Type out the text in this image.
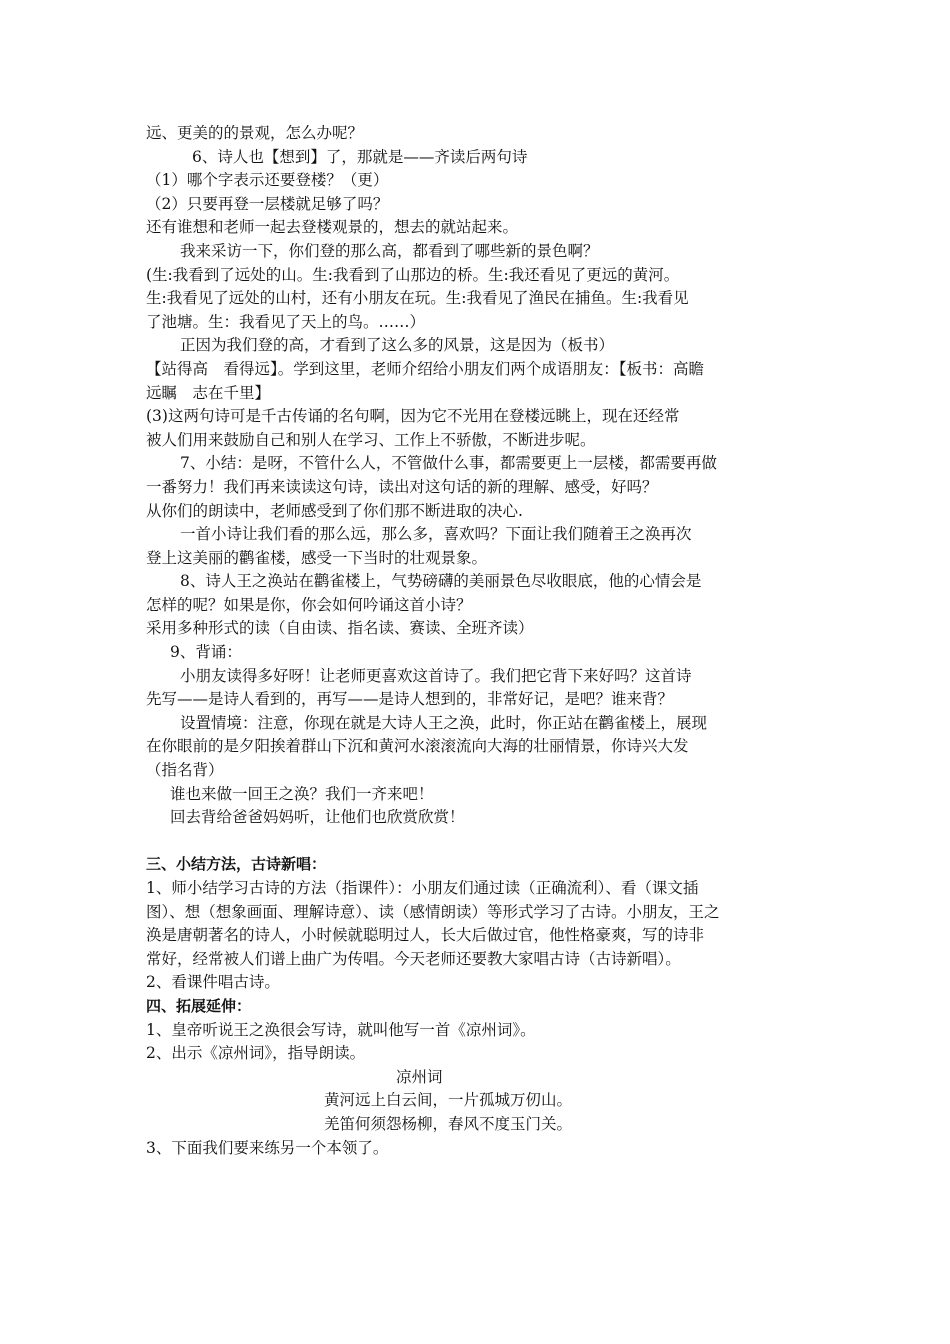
远、更美的的景观，怎么办呢？
6、诗人也【想到】了，那就是——齐读后两句诗
（1）哪个字表示还要登楼？（更）
（2）只要再登一层楼就足够了吗？
还有谁想和老师一起去登楼观景的，想去的就站起来。
我来采访一下，你们登的那么高，都看到了哪些新的景色啊？
(生:我看到了远处的山。生:我看到了山那边的桥。生:我还看见了更远的黄河。
生:我看见了远处的山村，还有小朋友在玩。生:我看见了渔民在捕鱼。生:我看见
了池塘。生：我看见了天上的鸟。……）
正因为我们登的高，才看到了这么多的风景，这是因为（板书）
【站得高　看得远】。学到这里，老师介绍给小朋友们两个成语朋友：【板书：高瞻
远瞩　志在千里】
(3)这两句诗可是千古传诵的名句啊，因为它不光用在登楼远眺上，现在还经常
被人们用来鼓励自己和别人在学习、工作上不骄傲，不断进步呢。
7、小结：是呀，不管什么人，不管做什么事，都需要更上一层楼，都需要再做
一番努力！我们再来读读这句诗，读出对这句话的新的理解、感受，好吗？
从你们的朗读中，老师感受到了你们那不断进取的决心.
一首小诗让我们看的那么远，那么多，喜欢吗？下面让我们随着王之涣再次
登上这美丽的鹳雀楼，感受一下当时的壮观景象。
8、诗人王之涣站在鹳雀楼上，气势磅礴的美丽景色尽收眼底，他的心情会是
怎样的呢？如果是你，你会如何吟诵这首小诗？
采用多种形式的读（自由读、指名读、赛读、全班齐读）
9、背诵：
小朋友读得多好呀！让老师更喜欢这首诗了。我们把它背下来好吗？这首诗
先写——是诗人看到的，再写——是诗人想到的，非常好记，是吧？谁来背？
设置情境：注意，你现在就是大诗人王之涣，此时，你正站在鹳雀楼上，展现
在你眼前的是夕阳挨着群山下沉和黄河水滚滚流向大海的壮丽情景，你诗兴大发
（指名背）
谁也来做一回王之涣？我们一齐来吧！
回去背给爸爸妈妈听，让他们也欣赏欣赏！
三、小结方法，古诗新唱：
1、师小结学习古诗的方法（指课件）：小朋友们通过读（正确流利）、看（课文插
图）、想（想象画面、理解诗意）、读（感情朗读）等形式学习了古诗。小朋友，王之
涣是唐朝著名的诗人，小时候就聪明过人，长大后做过官，他性格豪爽，写的诗非
常好，经常被人们谱上曲广为传唱。今天老师还要教大家唱古诗（古诗新唱）。
2、看课件唱古诗。
四、拓展延伸：
1、皇帝听说王之涣很会写诗，就叫他写一首《凉州词》。
2、出示《凉州词》，指导朗读。
凉州词
黄河远上白云间，一片孤城万仞山。
羌笛何须怨杨柳，春风不度玉门关。
3、下面我们要来练另一个本领了。
